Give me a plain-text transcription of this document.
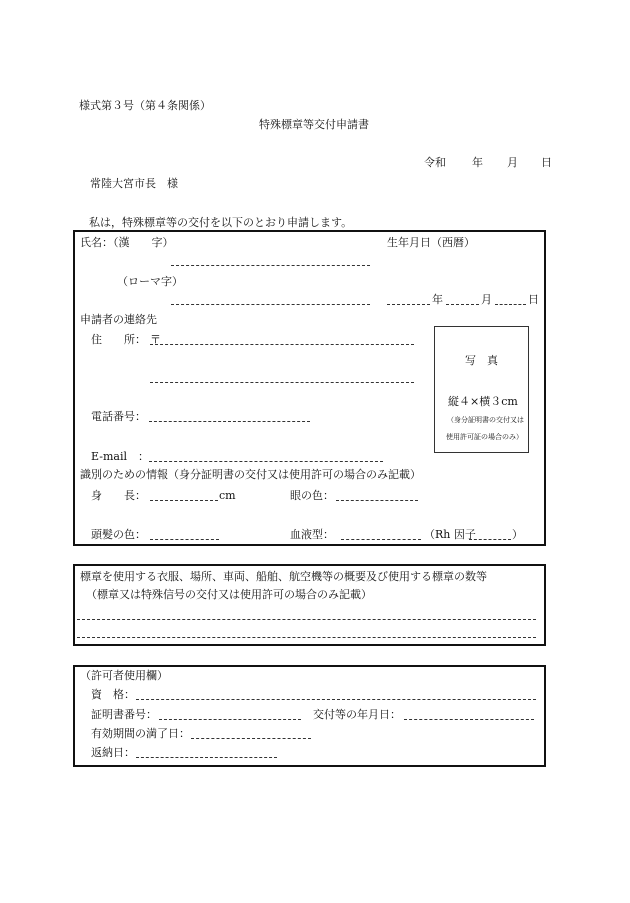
様式第３号（第４条関係）
特殊標章等交付申請書
令和 年 月 日
常陸大宮市長　様
私は，特殊標章等の交付を以下のとおり申請します。
氏名：（漢　　字）	生年月日（西暦）
（ローマ字）
年	月	日
申請者の連絡先
住　　所： 〒
写　真
縦４×横３cm
（身分証明書の交付又は
使用許可証の場合のみ）
電話番号：
E-mail　：
識別のための情報（身分証明書の交付又は使用許可の場合のみ記載）
身　　長：	cm	眼の色：
頭髪の色：	血液型：	（Rh 因子	）
標章を使用する衣服、場所、車両、船舶、航空機等の概要及び使用する標章の数等
（標章又は特殊信号の交付又は使用許可の場合のみ記載）
（許可者使用欄）
資　格：
証明書番号：	交付等の年月日：
有効期間の満了日：
返納日：
